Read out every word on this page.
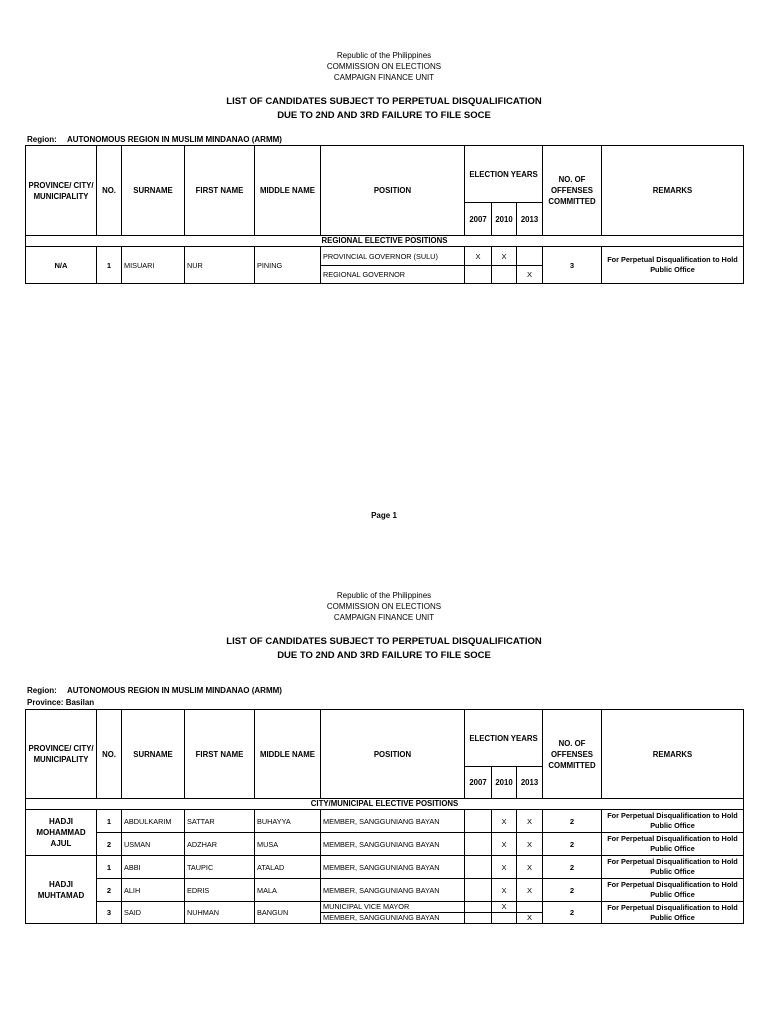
Republic of the Philippines
COMMISSION ON ELECTIONS
CAMPAIGN FINANCE UNIT
LIST OF CANDIDATES SUBJECT TO PERPETUAL DISQUALIFICATION
DUE TO 2ND AND 3RD FAILURE TO FILE SOCE
Region: AUTONOMOUS REGION IN MUSLIM MINDANAO (ARMM)
PROVINCE/ CITY/ MUNICIPALITY	NO.	SURNAME	FIRST NAME	MIDDLE NAME	POSITION	ELECTION YEARS			NO. OF OFFENSES COMMITTED	REMARKS
						2007	2010	2013		
REGIONAL ELECTIVE POSITIONS										
N/A	1	MISUARI	NUR	PINING	PROVINCIAL GOVERNOR (SULU)	X	X		3	For Perpetual Disqualification to Hold Public Office
					REGIONAL GOVERNOR			X		
Page 1
Republic of the Philippines
COMMISSION ON ELECTIONS
CAMPAIGN FINANCE UNIT
LIST OF CANDIDATES SUBJECT TO PERPETUAL DISQUALIFICATION
DUE TO 2ND AND 3RD FAILURE TO FILE SOCE
Region: AUTONOMOUS REGION IN MUSLIM MINDANAO (ARMM)
Province: Basilan
PROVINCE/ CITY/ MUNICIPALITY	NO.	SURNAME	FIRST NAME	MIDDLE NAME	POSITION	ELECTION YEARS			NO. OF OFFENSES COMMITTED	REMARKS
						2007	2010	2013		
CITY/MUNICIPAL ELECTIVE POSITIONS										
HADJI MOHAMMAD AJUL	1	ABDULKARIM	SATTAR	BUHAYYA	MEMBER, SANGGUNIANG BAYAN		X	X	2	For Perpetual Disqualification to Hold Public Office
	2	USMAN	ADZHAR	MUSA	MEMBER, SANGGUNIANG BAYAN		X	X	2	For Perpetual Disqualification to Hold Public Office
HADJI MUHTAMAD	1	ABBI	TAUPIC	ATALAD	MEMBER, SANGGUNIANG BAYAN		X	X	2	For Perpetual Disqualification to Hold Public Office
	2	ALIH	EDRIS	MALA	MEMBER, SANGGUNIANG BAYAN		X	X	2	For Perpetual Disqualification to Hold Public Office
	3	SAID	NUHMAN	BANGUN	MUNICIPAL VICE MAYOR		X		2	For Perpetual Disqualification to Hold Public Office
					MEMBER, SANGGUNIANG BAYAN			X		
